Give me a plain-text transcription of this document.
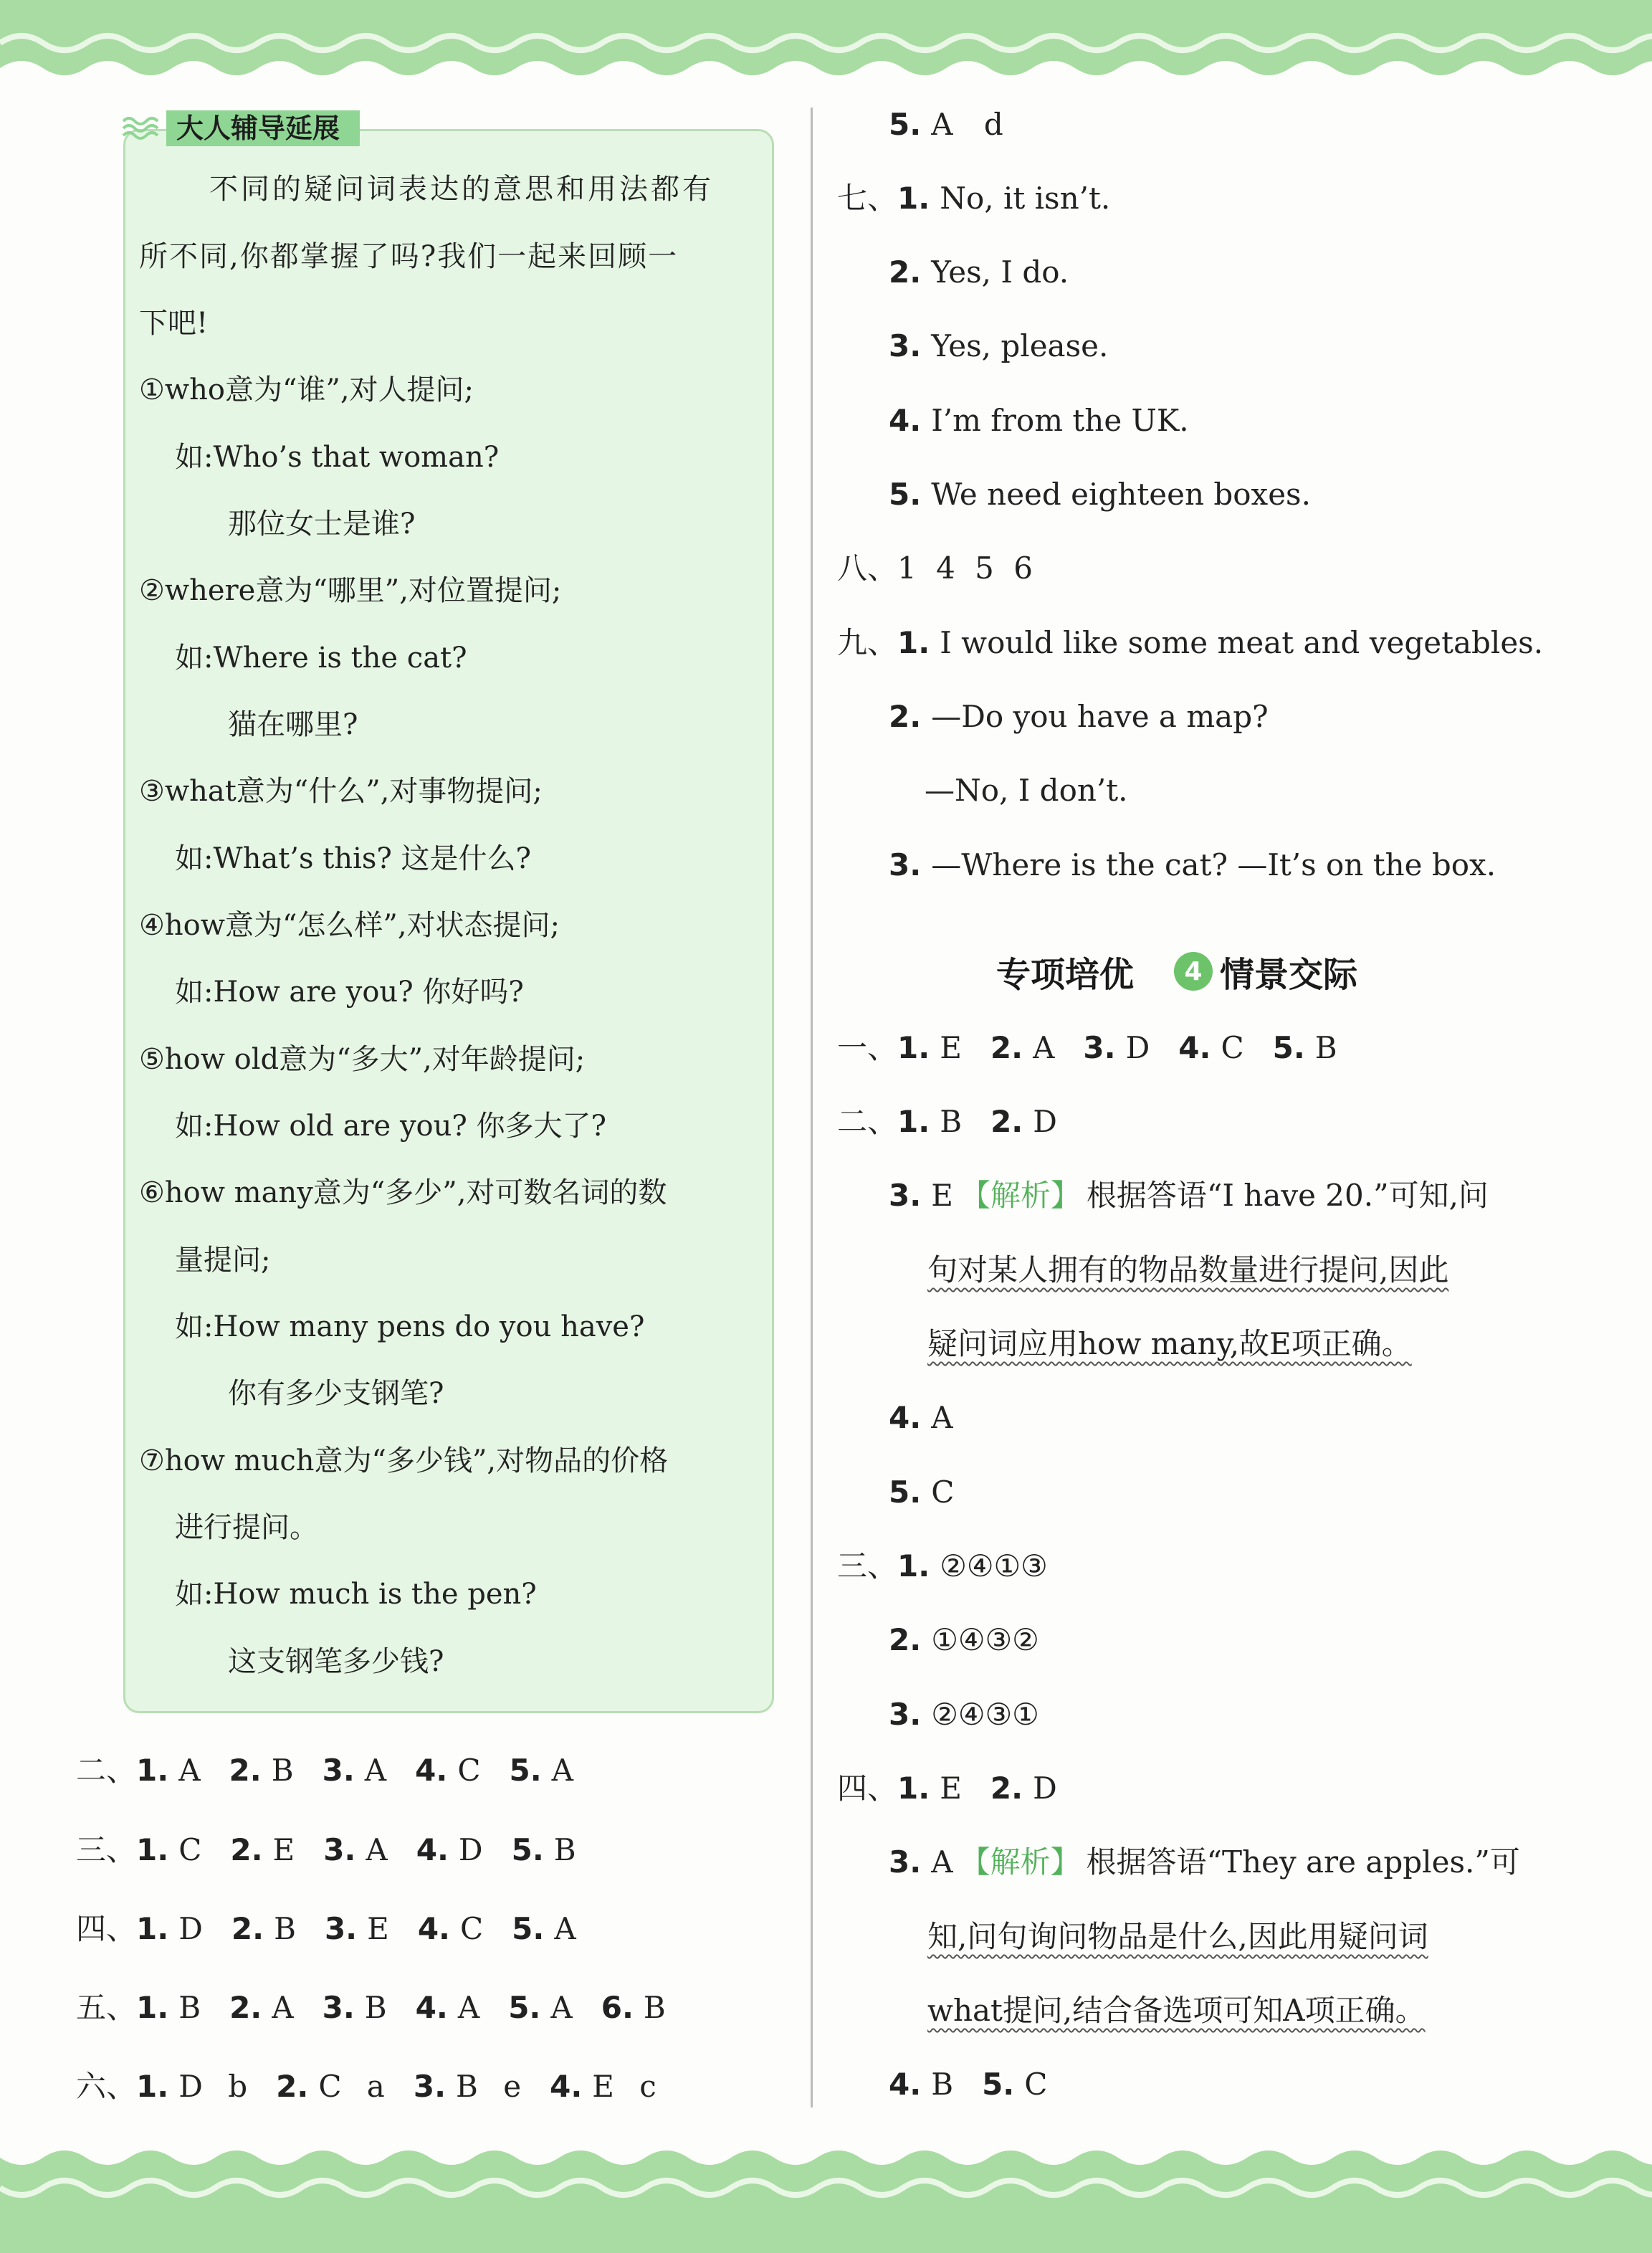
大人辅导延展
不同的疑问词表达的意思和用法都有
所不同,你都掌握了吗?我们一起来回顾一
下吧!
①who意为“谁”,对人提问;
如:Who’s that woman?
那位女士是谁?
②where意为“哪里”,对位置提问;
如:Where is the cat?
猫在哪里?
③what意为“什么”,对事物提问;
如:What’s this? 这是什么?
④how意为“怎么样”,对状态提问;
如:How are you? 你好吗?
⑤how old意为“多大”,对年龄提问;
如:How old are you? 你多大了?
⑥how many意为“多少”,对可数名词的数
量提问;
如:How many pens do you have?
你有多少支钢笔?
⑦how much意为“多少钱”,对物品的价格
进行提问。
如:How much is the pen?
这支钢笔多少钱?
二、 1. A 2. B 3. A 4. C 5. A
三、 1. C 2. E 3. A 4. D 5. B
四、 1. D 2. B 3. E 4. C 5. A
五、 1. B 2. A 3. B 4. A 5. A 6. B
六、 1. D b 2. C a 3. B e 4. E c
5. A d
七、 1. No, it isn’t.
2. Yes, I do.
3. Yes, please.
4. I’m from the UK.
5. We need eighteen boxes.
八、1 4 5 6
九、 1. I would like some meat and vegetables.
2. —Do you have a map?
—No, I don’t.
3. —Where is the cat? —It’s on the box.
专项培优	4 情景交际
一、 1. E 2. A 3. D 4. C 5. B
二、 1. B 2. D
3. E 【解析】 根据答语“I have 20.”可知,问
句对某人拥有的物品数量进行提问,因此
疑问词应用how many,故E项正确。
4. A
5. C
三、 1. ②④①③
2. ①④③②
3. ②④③①
四、 1. E 2. D
3. A 【解析】 根据答语“They are apples.”可
知,问句询问物品是什么,因此用疑问词
what提问,结合备选项可知A项正确。
4. B 5. C
